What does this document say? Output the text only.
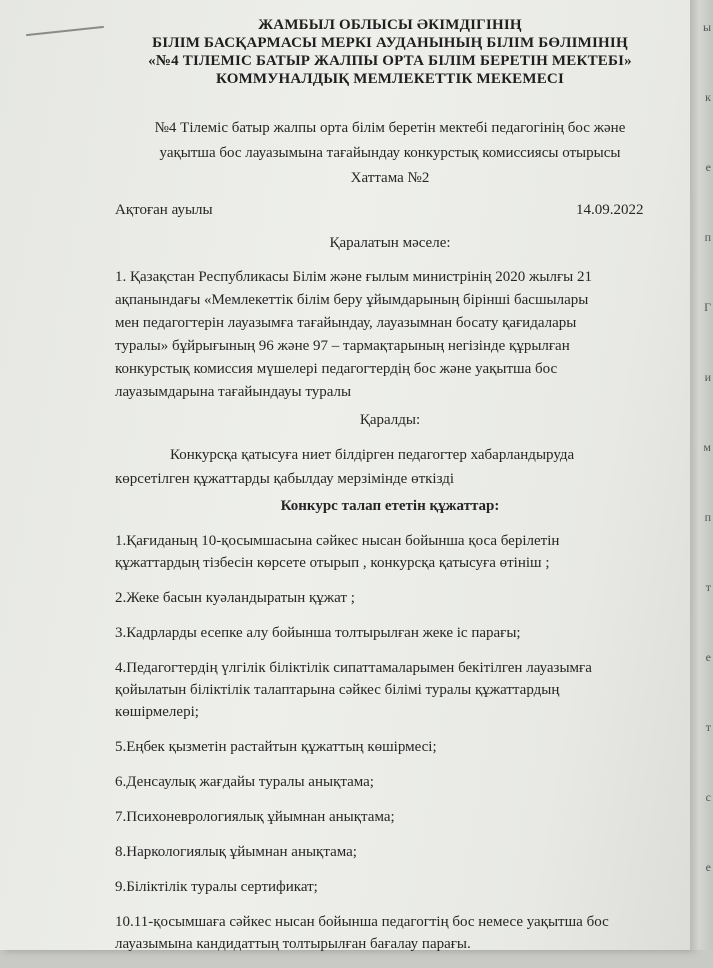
ЖАМБЫЛ ОБЛЫСЫ ӘКІМДІГІНІҢ
БІЛІМ БАСҚАРМАСЫ МЕРКІ АУДАНЫНЫҢ БІЛІМ БӨЛІМІНІҢ
«№4 ТІЛЕМІС БАТЫР ЖАЛПЫ ОРТА БІЛІМ БЕРЕТІН МЕКТЕБІ»
КОММУНАЛДЫҚ МЕМЛЕКЕТТІК МЕКЕМЕСІ
№4 Тілеміс батыр жалпы орта білім беретін мектебі педагогінің бос және
уақытша бос лауазымына тағайындау конкурстық комиссиясы отырысы
Хаттама №2
Ақтоған ауылы	14.09.2022
Қаралатын мәселе:
1. Қазақстан Республикасы Білім және ғылым министрінің 2020 жылғы 21
ақпанындағы «Мемлекеттік білім беру ұйымдарының бірінші басшылары
мен педагогтерін лауазымға тағайындау, лауазымнан босату қағидалары
туралы» бұйрығының 96 және 97 – тармақтарының негізінде құрылған
конкурстық комиссия мүшелері педагогтердің бос және уақытша бос
лауазымдарына тағайындауы туралы
Қаралды:
Конкурсқа қатысуға ниет білдірген педагогтер хабарландыруда
көрсетілген құжаттарды қабылдау мерзімінде өткізді
Конкурс талап ететін құжаттар:
1.Қағиданың 10-қосымшасына сәйкес нысан бойынша қоса берілетін
құжаттардың тізбесін көрсете отырып , конкурсқа қатысуға өтініш ;
2.Жеке басын куәландыратын құжат ;
3.Кадрларды есепке алу бойынша толтырылған жеке іс парағы;
4.Педагогтердің үлгілік біліктілік сипаттамаларымен бекітілген лауазымға
қойылатын біліктілік талаптарына сәйкес білімі туралы құжаттардың
көшірмелері;
5.Еңбек қызметін растайтын құжаттың көшірмесі;
6.Денсаулық жағдайы туралы анықтама;
7.Психоневрологиялық ұйымнан анықтама;
8.Наркологиялық ұйымнан анықтама;
9.Біліктілік туралы сертификат;
10.11-қосымшаға сәйкес нысан бойынша педагогтің бос немесе уақытша бос
лауазымына кандидаттың толтырылған бағалау парағы.
ы
к
е
п
Г
и
м
п
т
е
т
с
е
